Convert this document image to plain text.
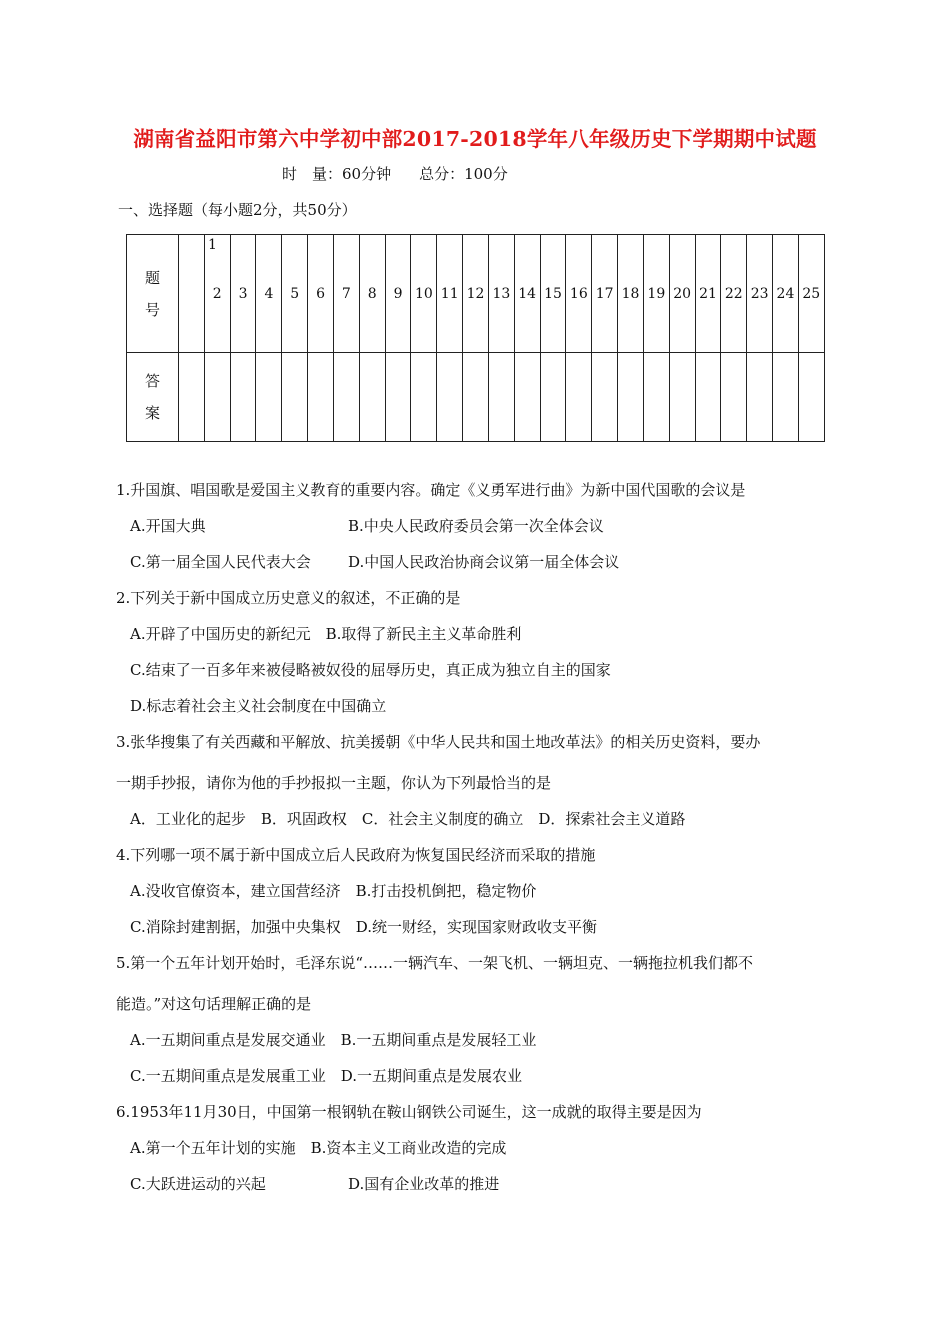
湖南省益阳市第六中学初中部2017-2018学年八年级历史下学期期中试题
时　量：60分钟 总分：100分
一、选择题（每小题2分，共50分）
题号	1	2	3	4	5	6	7	8	9	10	11	12	13	14	15	16	17	18	19	20	21	22	23	24	25
答案																									
1.升国旗、唱国歌是爱国主义教育的重要内容。确定《义勇军进行曲》为新中国代国歌的会议是
A.开国大典	B.中央人民政府委员会第一次全体会议
C.第一届全国人民代表大会 D.中国人民政治协商会议第一届全体会议
2.下列关于新中国成立历史意义的叙述，不正确的是
A.开辟了中国历史的新纪元　B.取得了新民主主义革命胜利
C.结束了一百多年来被侵略被奴役的屈辱历史，真正成为独立自主的国家
D.标志着社会主义社会制度在中国确立
3.张华搜集了有关西藏和平解放、抗美援朝《中华人民共和国土地改革法》的相关历史资料，要办
一期手抄报，请你为他的手抄报拟一主题，你认为下列最恰当的是
A．工业化的起步　B．巩固政权　C．社会主义制度的确立　D．探索社会主义道路
4.下列哪一项不属于新中国成立后人民政府为恢复国民经济而采取的措施
A.没收官僚资本，建立国营经济　B.打击投机倒把，稳定物价
C.消除封建割据，加强中央集权　D.统一财经，实现国家财政收支平衡
5.第一个五年计划开始时，毛泽东说“……一辆汽车、一架飞机、一辆坦克、一辆拖拉机我们都不
能造。”对这句话理解正确的是
A.一五期间重点是发展交通业　B.一五期间重点是发展轻工业
C.一五期间重点是发展重工业　D.一五期间重点是发展农业
6.1953年11月30日，中国第一根钢轨在鞍山钢铁公司诞生，这一成就的取得主要是因为
A.第一个五年计划的实施　B.资本主义工商业改造的完成
C.大跃进运动的兴起	D.国有企业改革的推进
